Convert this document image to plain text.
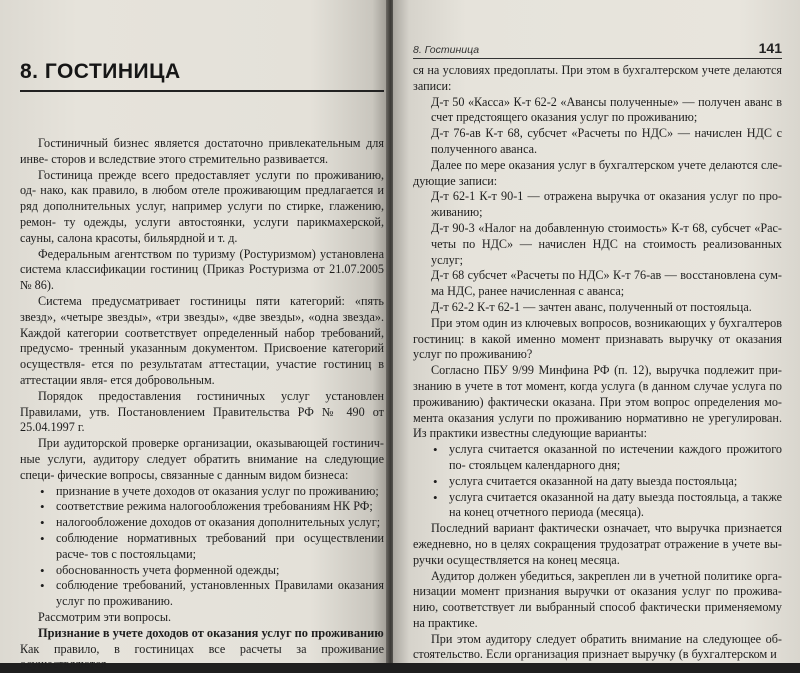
8. ГОСТИНИЦА

Гостиничный бизнес является достаточно привлекательным для инве- сторов и вследствие этого стремительно развивается.

Гостиница прежде всего предоставляет услуги по проживанию, од- нако, как правило, в любом отеле проживающим предлагается и ряд дополнительных услуг, например услуги по стирке, глажению, ремон- ту одежды, услуги автостоянки, услуги парикмахерской, сауны, салона красоты, бильярдной и т. д.

Федеральным агентством по туризму (Ростуризмом) установлена система классификации гостиниц (Приказ Ростуризма от 21.07.2005 № 86).

Система предусматривает гостиницы пяти категорий: «пять звезд», «четыре звезды», «три звезды», «две звезды», «одна звезда». Каждой категории соответствует определенный набор требований, предусмо- тренный указанным документом. Присвоение категорий осуществля- ется по результатам аттестации, участие гостиниц в аттестации явля- ется добровольным.

Порядок предоставления гостиничных услуг установлен Правилами, утв. Постановлением Правительства РФ № 490 от 25.04.1997 г.

При аудиторской проверке организации, оказывающей гостинич- ные услуги, аудитору следует обратить внимание на следующие специ- фические вопросы, связанные с данным видом бизнеса:

• признание в учете доходов от оказания услуг по проживанию;
• соответствие режима налогообложения требованиям НК РФ;
• налогообложение доходов от оказания дополнительных услуг;
• соблюдение нормативных требований при осуществлении расче- тов с постояльцами;
• обоснованность учета форменной одежды;
• соблюдение требований, установленных Правилами оказания услуг по проживанию.

Рассмотрим эти вопросы.

Признание в учете доходов от оказания услуг по проживанию

Как правило, в гостиницах все расчеты за проживание осуществляются

8. Гостиница	141

ся на условиях предоплаты. При этом в бухгалтерском учете делаются записи:

Д-т 50 «Касса» К-т 62-2 «Авансы полученные» — получен аванс в счет предстоящего оказания услуг по проживанию;

Д-т 76-ав К-т 68, субсчет «Расчеты по НДС» — начислен НДС с полученного аванса.

Далее по мере оказания услуг в бухгалтерском учете делаются сле- дующие записи:

Д-т 62-1 К-т 90-1 — отражена выручка от оказания услуг по про- живанию;

Д-т 90-3 «Налог на добавленную стоимость» К-т 68, субсчет «Рас- четы по НДС» — начислен НДС на стоимость реализованных услуг;

Д-т 68 субсчет «Расчеты по НДС» К-т 76-ав — восстановлена сум- ма НДС, ранее начисленная с аванса;

Д-т 62-2 К-т 62-1 — зачтен аванс, полученный от постояльца.

При этом один из ключевых вопросов, возникающих у бухгалтеров гостиниц: в какой именно момент признавать выручку от оказания услуг по проживанию?

Согласно ПБУ 9/99 Минфина РФ (п. 12), выручка подлежит при- знанию в учете в тот момент, когда услуга (в данном случае услуга по проживанию) фактически оказана. При этом вопрос определения мо- мента оказания услуги по проживанию нормативно не урегулирован. Из практики известны следующие варианты:

• услуга считается оказанной по истечении каждого прожитого по- стояльцем календарного дня;
• услуга считается оказанной на дату выезда постояльца;
• услуга считается оказанной на дату выезда постояльца, а также на конец отчетного периода (месяца).

Последний вариант фактически означает, что выручка признается ежедневно, но в целях сокращения трудозатрат отражение в учете вы- ручки осуществляется на конец месяца.

Аудитор должен убедиться, закреплен ли в учетной политике орга- низации момент признания выручки от оказания услуг по прожива- нию, соответствует ли выбранный способ фактически применяемому на практике.

При этом аудитору следует обратить внимание на следующее об- стоятельство. Если организация признает выручку (в бухгалтерском и
